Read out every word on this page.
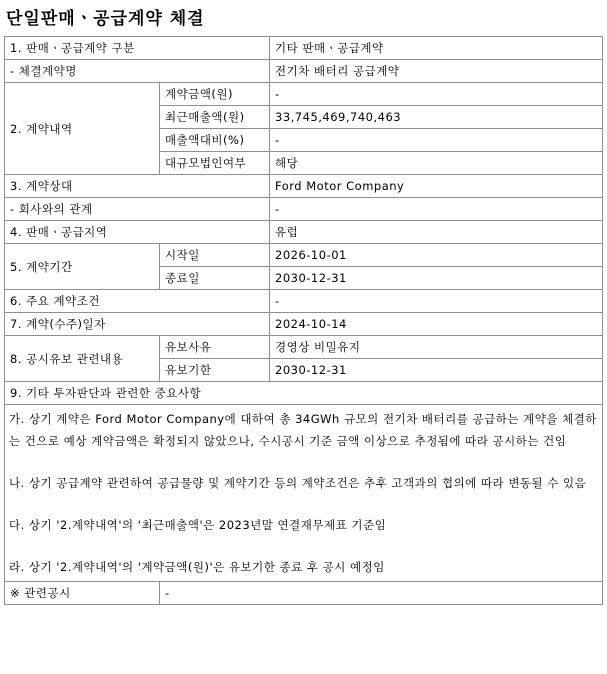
단일판매ㆍ공급계약 체결
1. 판매ㆍ공급계약 구분		기타 판매ㆍ공급계약
- 체결계약명		전기차 배터리 공급계약
2. 계약내역	계약금액(원)	-
	최근매출액(원)	33,745,469,740,463
	매출액대비(%)	-
	대규모법인여부	해당
3. 계약상대		Ford Motor Company
- 회사와의 관계		-
4. 판매ㆍ공급지역		유럽
5. 계약기간	시작일	2026-10-01
	종료일	2030-12-31
6. 주요 계약조건		-
7. 계약(수주)일자		2024-10-14
8. 공시유보 관련내용	유보사유	경영상 비밀유지
	유보기한	2030-12-31
9. 기타 투자판단과 관련한 중요사항		

가. 상기 계약은 Ford Motor Company에 대하여 총 34GWh 규모의 전기차 배터리를 공급하는 계약을 체결하는 건으로 예상 계약금액은 확정되지 않았으나, 수시공시 기준 금액 이상으로 추정됨에 따라 공시하는 건임

나. 상기 공급계약 관련하여 공급물량 및 계약기간 등의 계약조건은 추후 고객과의 협의에 따라 변동될 수 있음

다. 상기 '2.계약내역'의 '최근매출액'은 2023년말 연결재무제표 기준임

라. 상기 '2.계약내역'의 '계약금액(원)'은 유보기한 종료 후 공시 예정임		

※ 관련공시	-	
